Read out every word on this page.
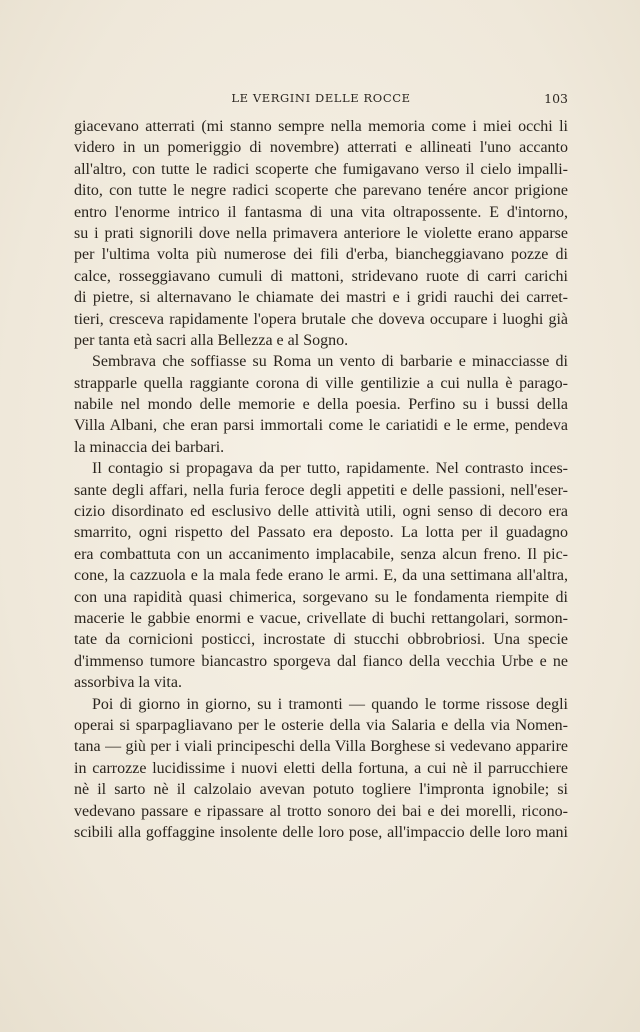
LE VERGINI DELLE ROCCE	103
giacevano atterrati (mi stanno sempre nella memoria come i miei occhi li
videro in un pomeriggio di novembre) atterrati e allineati l'uno accanto
all'altro, con tutte le radici scoperte che fumigavano verso il cielo impalli-
dito, con tutte le negre radici scoperte che parevano tenére ancor prigione
entro l'enorme intrico il fantasma di una vita oltrapossente. E d'intorno,
su i prati signorili dove nella primavera anteriore le violette erano apparse
per l'ultima volta più numerose dei fili d'erba, biancheggiavano pozze di
calce, rosseggiavano cumuli di mattoni, stridevano ruote di carri carichi
di pietre, si alternavano le chiamate dei mastri e i gridi rauchi dei carret-
tieri, cresceva rapidamente l'opera brutale che doveva occupare i luoghi già
per tanta età sacri alla Bellezza e al Sogno.
Sembrava che soffiasse su Roma un vento di barbarie e minacciasse di
strapparle quella raggiante corona di ville gentilizie a cui nulla è parago-
nabile nel mondo delle memorie e della poesia. Perfino su i bussi della
Villa Albani, che eran parsi immortali come le cariatidi e le erme, pendeva
la minaccia dei barbari.
Il contagio si propagava da per tutto, rapidamente. Nel contrasto inces-
sante degli affari, nella furia feroce degli appetiti e delle passioni, nell'eser-
cizio disordinato ed esclusivo delle attività utili, ogni senso di decoro era
smarrito, ogni rispetto del Passato era deposto. La lotta per il guadagno
era combattuta con un accanimento implacabile, senza alcun freno. Il pic-
cone, la cazzuola e la mala fede erano le armi. E, da una settimana all'altra,
con una rapidità quasi chimerica, sorgevano su le fondamenta riempite di
macerie le gabbie enormi e vacue, crivellate di buchi rettangolari, sormon-
tate da cornicioni posticci, incrostate di stucchi obbrobriosi. Una specie
d'immenso tumore biancastro sporgeva dal fianco della vecchia Urbe e ne
assorbiva la vita.
Poi di giorno in giorno, su i tramonti — quando le torme rissose degli
operai si sparpagliavano per le osterie della via Salaria e della via Nomen-
tana — giù per i viali principeschi della Villa Borghese si vedevano apparire
in carrozze lucidissime i nuovi eletti della fortuna, a cui nè il parrucchiere
nè il sarto nè il calzolaio avevan potuto togliere l'impronta ignobile; si
vedevano passare e ripassare al trotto sonoro dei bai e dei morelli, ricono-
scibili alla goffaggine insolente delle loro pose, all'impaccio delle loro mani
